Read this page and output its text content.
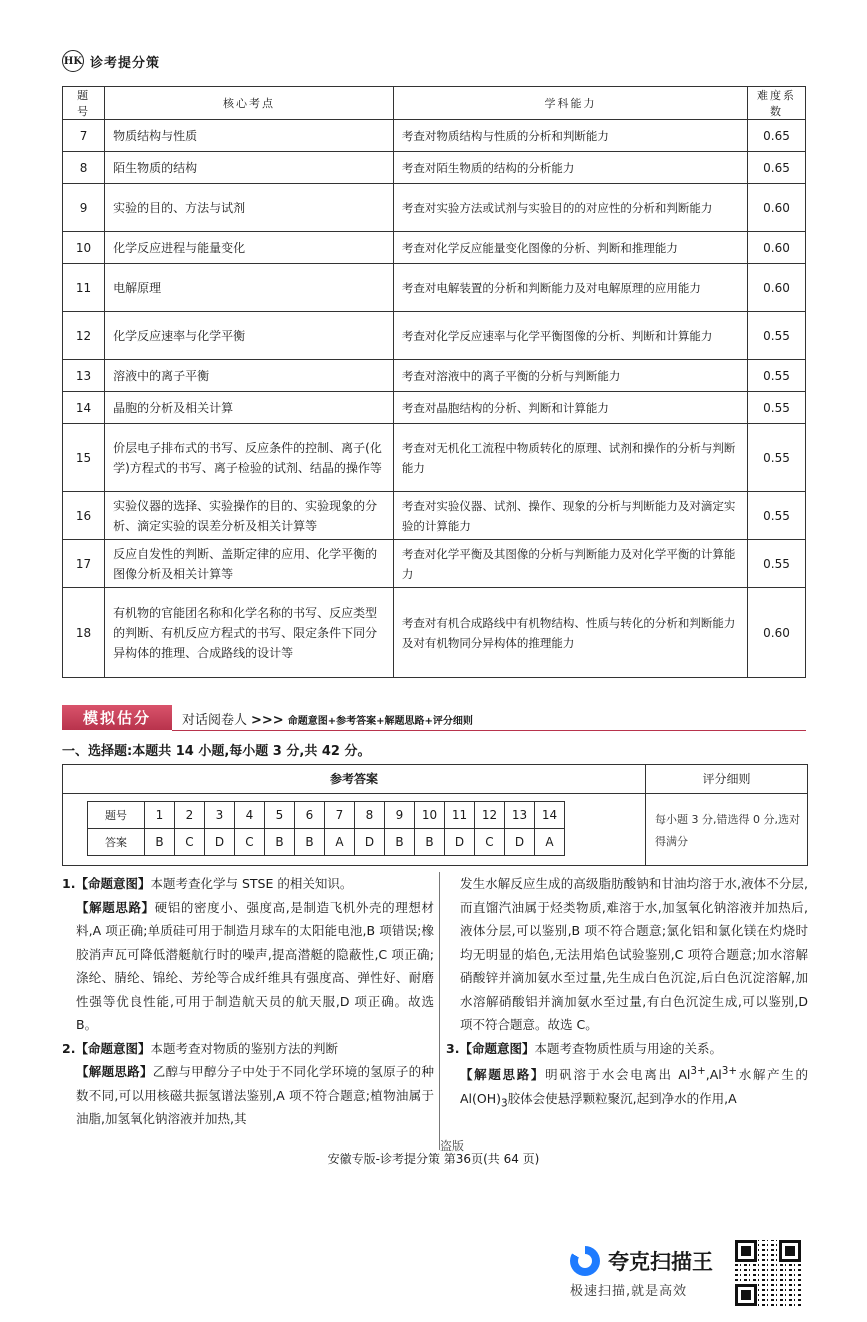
HK 诊考提分策
题号	核心考点	学科能力	难度系数
7	物质结构与性质	考查对物质结构与性质的分析和判断能力	0.65
8	陌生物质的结构	考查对陌生物质的结构的分析能力	0.65
9	实验的目的、方法与试剂	考查对实验方法或试剂与实验目的的对应性的分析和判断能力	0.60
10	化学反应进程与能量变化	考查对化学反应能量变化图像的分析、判断和推理能力	0.60
11	电解原理	考查对电解装置的分析和判断能力及对电解原理的应用能力	0.60
12	化学反应速率与化学平衡	考查对化学反应速率与化学平衡图像的分析、判断和计算能力	0.55
13	溶液中的离子平衡	考查对溶液中的离子平衡的分析与判断能力	0.55
14	晶胞的分析及相关计算	考查对晶胞结构的分析、判断和计算能力	0.55
15	价层电子排布式的书写、反应条件的控制、离子(化学)方程式的书写、离子检验的试剂、结晶的操作等	考查对无机化工流程中物质转化的原理、试剂和操作的分析与判断能力	0.55
16	实验仪器的选择、实验操作的目的、实验现象的分析、滴定实验的误差分析及相关计算等	考查对实验仪器、试剂、操作、现象的分析与判断能力及对滴定实验的计算能力	0.55
17	反应自发性的判断、盖斯定律的应用、化学平衡的图像分析及相关计算等	考查对化学平衡及其图像的分析与判断能力及对化学平衡的计算能力	0.55
18	有机物的官能团名称和化学名称的书写、反应类型的判断、有机反应方程式的书写、限定条件下同分异构体的推理、合成路线的设计等	考查对有机合成路线中有机物结构、性质与转化的分析和判断能力及对有机物同分异构体的推理能力	0.60
模拟估分	对话阅卷人 >>> 命题意图+参考答案+解题思路+评分细则
一、选择题:本题共 14 小题,每小题 3 分,共 42 分。
参考答案	评分细则
题号	1	2	3	4	5	6	7	8	9	10	11	12	13	14
答案	B	C	D	C	B	B	A	D	B	B	D	C	D	A
每小题 3 分,错选得 0 分,选对得满分

1.【命题意图】本题考查化学与 STSE 的相关知识。

【解题思路】硬铝的密度小、强度高,是制造飞机外壳的理想材料,A 项正确;单质硅可用于制造月球车的太阳能电池,B 项错误;橡胶消声瓦可降低潜艇航行时的噪声,提高潜艇的隐蔽性,C 项正确;涤纶、腈纶、锦纶、芳纶等合成纤维具有强度高、弹性好、耐磨性强等优良性能,可用于制造航天员的航天服,D 项正确。故选 B。

2.【命题意图】本题考查对物质的鉴别方法的判断

【解题思路】乙醇与甲醇分子中处于不同化学环境的氢原子的种数不同,可以用核磁共振氢谱法鉴别,A 项不符合题意;植物油属于油脂,加氢氧化钠溶液并加热,其

发生水解反应生成的高级脂肪酸钠和甘油均溶于水,液体不分层,而直馏汽油属于烃类物质,难溶于水,加氢氧化钠溶液并加热后,液体分层,可以鉴别,B 项不符合题意;氯化铝和氯化镁在灼烧时均无明显的焰色,无法用焰色试验鉴别,C 项符合题意;加水溶解硝酸锌并滴加氨水至过量,先生成白色沉淀,后白色沉淀溶解,加水溶解硝酸铝并滴加氨水至过量,有白色沉淀生成,可以鉴别,D 项不符合题意。故选 C。

3.【命题意图】本题考查物质性质与用途的关系。

【解题思路】明矾溶于水会电离出 $Al^{3+},Al^{3+}$水解产生的 $Al(OH)_3$胶体会使悬浮颗粒聚沉,起到净水的作用,A

盗版
安徽专版-诊考提分策 第36页(共 64 页)
夸克扫描王
极速扫描,就是高效
